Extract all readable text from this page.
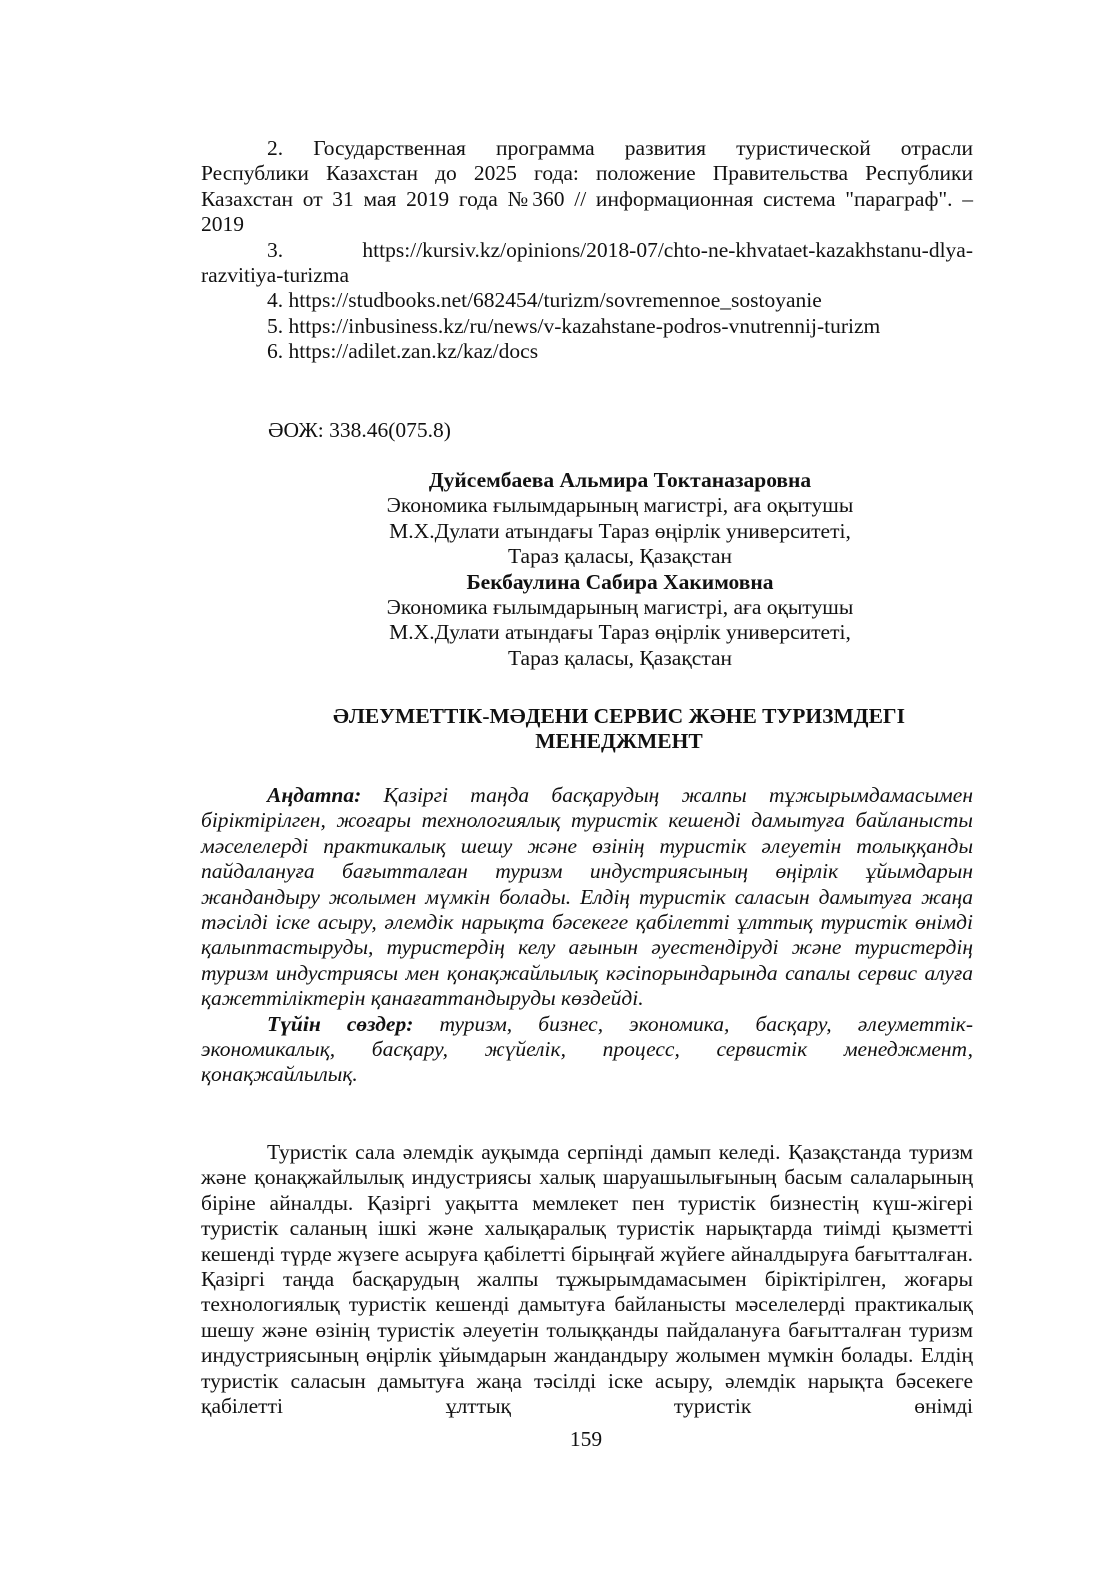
2. Государственная программа развития туристической отрасли

Республики Казахстан до 2025 года: положение Правительства Республики

Казахстан от 31 мая 2019 года №360 // информационная система "параграф". –

2019

3.	https://kursiv.kz/opinions/2018-07/chto-ne-khvataet-kazakhstanu-dlya-

razvitiya-turizma

4. https://studbooks.net/682454/turizm/sovremennoe_sostoyanie

5. https://inbusiness.kz/ru/news/v-kazahstane-podros-vnutrennij-turizm

6. https://adilet.zan.kz/kaz/docs

ӘОЖ: 338.46(075.8)

Дуйсембаева Альмира Токтаназаровна

Экономика ғылымдарының магистрі, аға оқытушы

М.Х.Дулати атындағы Тараз өңірлік университеті,

Тараз қаласы, Қазақстан

Бекбаулина Сабира Хакимовна

Экономика ғылымдарының магистрі, аға оқытушы

М.Х.Дулати атындағы Тараз өңірлік университеті,

Тараз қаласы, Қазақстан

ӘЛЕУМЕТТІК-МӘДЕНИ СЕРВИС ЖӘНЕ ТУРИЗМДЕГІ
МЕНЕДЖМЕНТ

Аңдатпа: Қазіргі таңда басқарудың жалпы тұжырымдамасымен біріктірілген, жоғары технологиялық туристік кешенді дамытуға байланысты мәселелерді практикалық шешу және өзінің туристік әлеуетін толыққанды пайдалануға бағытталған туризм индустриясының өңірлік ұйымдарын жандандыру жолымен мүмкін болады. Елдің туристік саласын дамытуға жаңа тәсілді іске асыру, әлемдік нарықта бәсекеге қабілетті ұлттық туристік өнімді қалыптастыруды, туристердің келу ағынын әуестендіруді және туристердің туризм индустриясы мен қонақжайлылық кәсіпорындарында сапалы сервис алуға қажеттіліктерін қанағаттандыруды көздейді.

Түйін сөздер: туризм, бизнес, экономика, басқару, әлеуметтік-экономикалық, басқару, жүйелік, процесс, сервистік менеджмент, қонақжайлылық.

Туристік сала әлемдік ауқымда серпінді дамып келеді. Қазақстанда туризм және қонақжайлылық индустриясы халық шаруашылығының басым салаларының біріне айналды. Қазіргі уақытта мемлекет пен туристік бизнестің күш-жігері туристік саланың ішкі және халықаралық туристік нарықтарда тиімді қызметті кешенді түрде жүзеге асыруға қабілетті бірыңғай жүйеге айналдыруға бағытталған. Қазіргі таңда басқарудың жалпы тұжырымдамасымен біріктірілген, жоғары технологиялық туристік кешенді дамытуға байланысты мәселелерді практикалық шешу және өзінің туристік әлеуетін толыққанды пайдалануға бағытталған туризм индустриясының өңірлік ұйымдарын жандандыру жолымен мүмкін болады. Елдің туристік саласын дамытуға жаңа тәсілді іске асыру, әлемдік нарықта бәсекеге қабілетті ұлттық туристік өнімді

159
